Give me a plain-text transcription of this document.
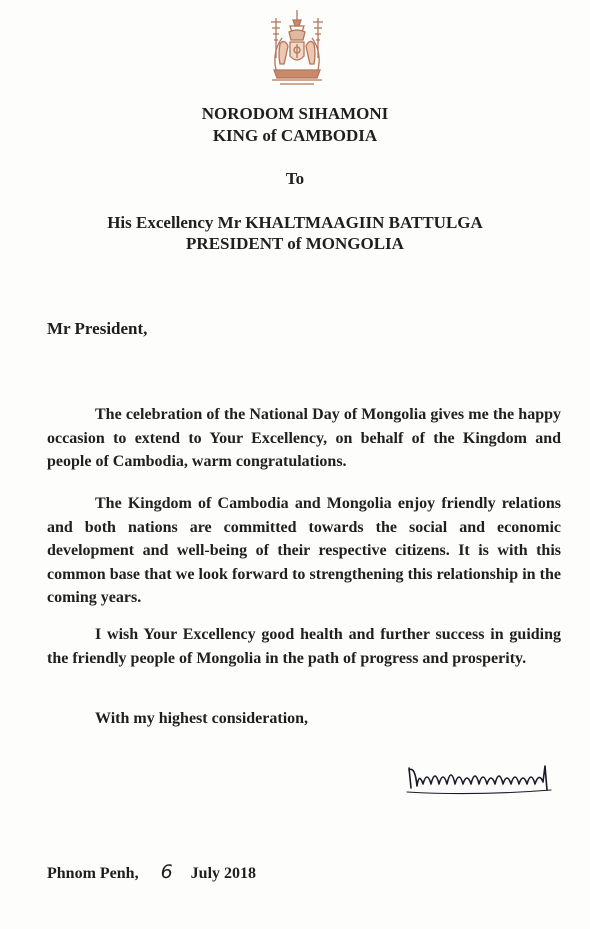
NORODOM SIHAMONI
KING of CAMBODIA
To
His Excellency Mr KHALTMAAGIIN BATTULGA
PRESIDENT of MONGOLIA
Mr President,

The celebration of the National Day of Mongolia gives me the happy occasion to extend to Your Excellency, on behalf of the Kingdom and people of Cambodia, warm congratulations.

The Kingdom of Cambodia and Mongolia enjoy friendly relations and both nations are committed towards the social and economic development and well-being of their respective citizens. It is with this common base that we look forward to strengthening this relationship in the coming years.

I wish Your Excellency good health and further success in guiding the friendly people of Mongolia in the path of progress and prosperity.

With my highest consideration,
Phnom Penh, 6 July 2018
